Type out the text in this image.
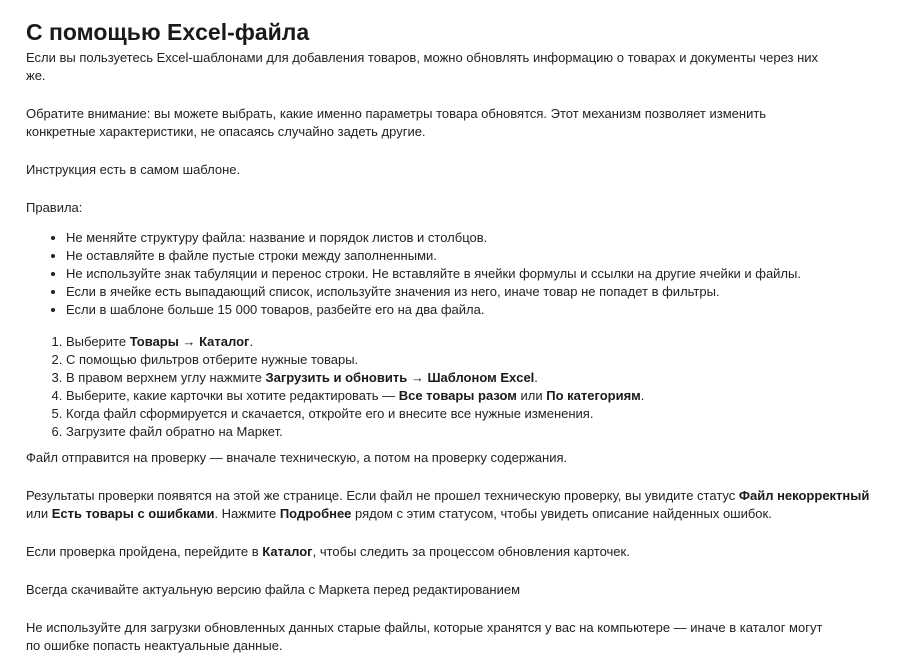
С помощью Excel-файла

Если вы пользуетесь Excel-шаблонами для добавления товаров, можно обновлять информацию о товарах и документы через них же.

Обратите внимание: вы можете выбрать, какие именно параметры товара обновятся. Этот механизм позволяет изменить конкретные характеристики, не опасаясь случайно задеть другие.

Инструкция есть в самом шаблоне.

Правила:

• Не меняйте структуру файла: название и порядок листов и столбцов.
• Не оставляйте в файле пустые строки между заполненными.
• Не используйте знак табуляции и перенос строки. Не вставляйте в ячейки формулы и ссылки на другие ячейки и файлы.
• Если в ячейке есть выпадающий список, используйте значения из него, иначе товар не попадет в фильтры.
• Если в шаблоне больше 15 000 товаров, разбейте его на два файла.
1. Выберите Товары → Каталог.
2. С помощью фильтров отберите нужные товары.
3. В правом верхнем углу нажмите Загрузить и обновить → Шаблоном Excel.
4. Выберите, какие карточки вы хотите редактировать — Все товары разом или По категориям.
5. Когда файл сформируется и скачается, откройте его и внесите все нужные изменения.
6. Загрузите файл обратно на Маркет.

Файл отправится на проверку — вначале техническую, а потом на проверку содержания.

Результаты проверки появятся на этой же странице. Если файл не прошел техническую проверку, вы увидите статус Файл некорректный или Есть товары с ошибками. Нажмите Подробнее рядом с этим статусом, чтобы увидеть описание найденных ошибок.

Если проверка пройдена, перейдите в Каталог, чтобы следить за процессом обновления карточек.

Всегда скачивайте актуальную версию файла с Маркета перед редактированием

Не используйте для загрузки обновленных данных старые файлы, которые хранятся у вас на компьютере — иначе в каталог могут по ошибке попасть неактуальные данные.
